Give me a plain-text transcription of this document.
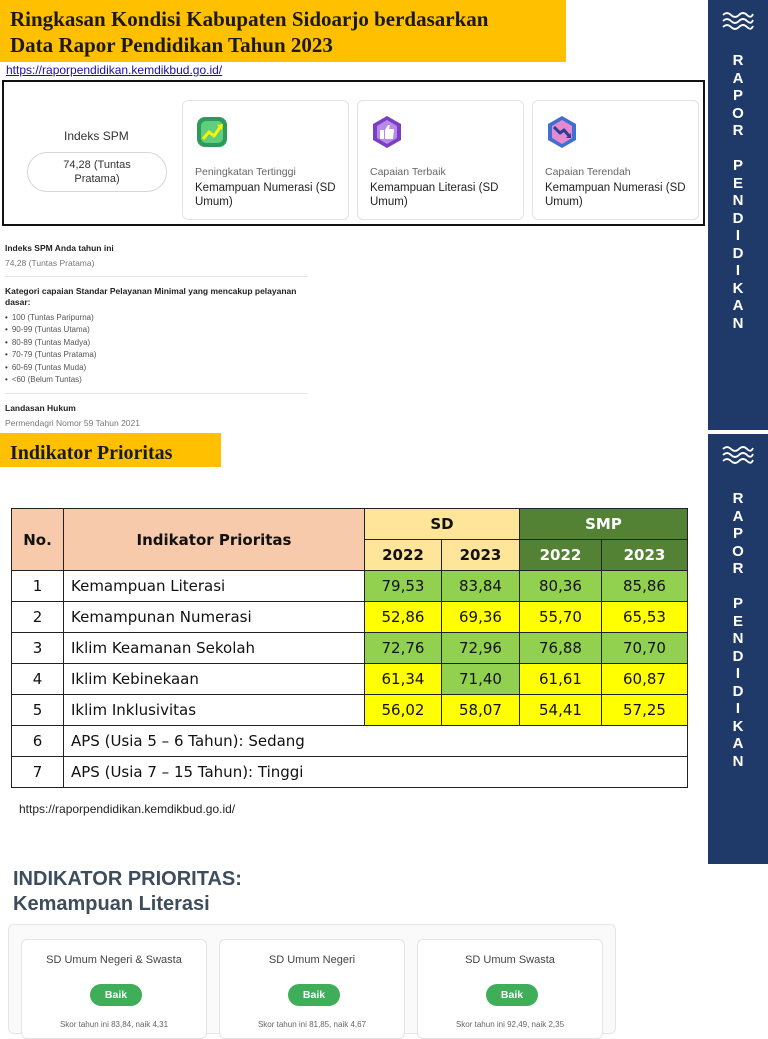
Ringkasan Kondisi Kabupaten Sidoarjo berdasarkan
Data Rapor Pendidikan Tahun 2023
https://raporpendidikan.kemdikbud.go.id/
Indeks SPM
74,28 (Tuntas
Pratama)
Peningkatan Tertinggi
Kemampuan Numerasi (SD Umum)
Capaian Terbaik
Kemampuan Literasi (SD Umum)
Capaian Terendah
Kemampuan Numerasi (SD Umum)
Indeks SPM Anda tahun ini
74,28 (Tuntas Pratama)
Kategori capaian Standar Pelayanan Minimal yang mencakup pelayanan
dasar:
• 100 (Tuntas Paripurna)
• 90-99 (Tuntas Utama)
• 80-89 (Tuntas Madya)
• 70-79 (Tuntas Pratama)
• 60-69 (Tuntas Muda)
• <60 (Belum Tuntas)
Landasan Hukum
Permendagri Nomor 59 Tahun 2021
Indikator Prioritas
No.	Indikator Prioritas	SD		SMP	
		2022	2023	2022	2023
1	Kemampuan Literasi	79,53	83,84	80,36	85,86
2	Kemampunan Numerasi	52,86	69,36	55,70	65,53
3	Iklim Keamanan Sekolah	72,76	72,96	76,88	70,70
4	Iklim Kebinekaan	61,34	71,40	61,61	60,87
5	Iklim Inklusivitas	56,02	58,07	54,41	57,25
6	APS (Usia 5 – 6 Tahun): Sedang				
7	APS (Usia 7 – 15 Tahun): Tinggi				
https://raporpendidikan.kemdikbud.go.id/
INDIKATOR PRIORITAS:
Kemampuan Literasi
SD Umum Negeri & Swasta
Baik
Skor tahun ini 83,84, naik 4,31
SD Umum Negeri
Baik
Skor tahun ini 81,85, naik 4,67
SD Umum Swasta
Baik
Skor tahun ini 92,49, naik 2,35
R
A
P
O
R
P
E
N
D
I
D
I
K
A
N
R
A
P
O
R
P
E
N
D
I
D
I
K
A
N
